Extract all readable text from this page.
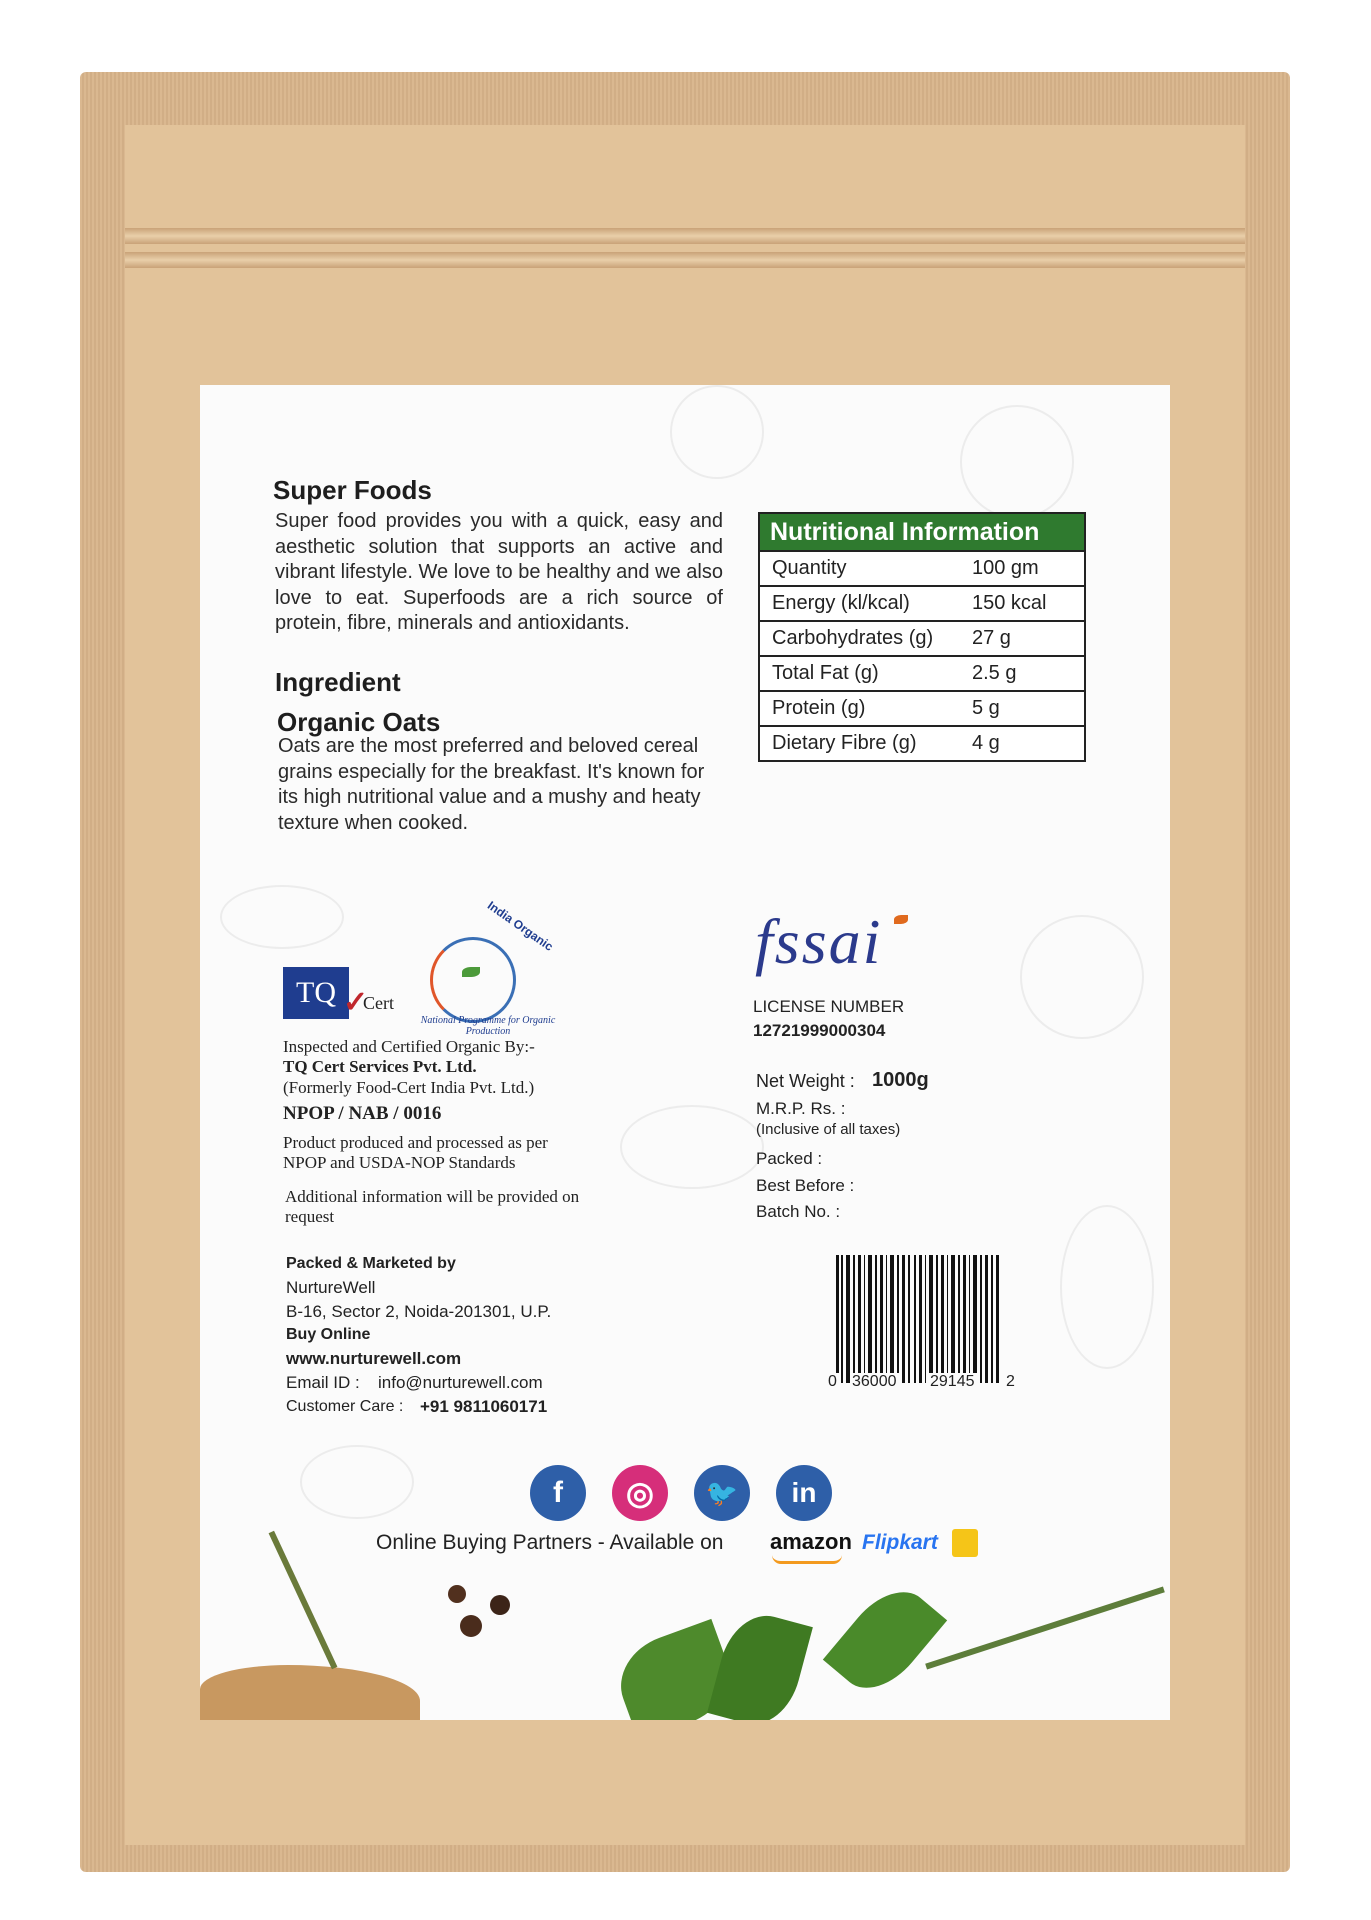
Super Foods
Super food provides you with a quick, easy and aesthetic solution that supports an active and vibrant lifestyle. We love to be healthy and we also love to eat. Superfoods are a rich source of protein, fibre, minerals and antioxidants.
Ingredient
Organic Oats
Oats are the most preferred and beloved cereal grains especially for the breakfast. It's known for its high nutritional value and a mushy and heaty texture when cooked.
Nutritional Information
Quantity	100 gm
Energy (kl/kcal)	150 kcal
Carbohydrates (g)	27 g
Total Fat (g)	2.5 g
Protein (g)	5 g
Dietary Fibre (g)	4 g
TQ ✓
Cert
India Organic
National Programme for Organic Production
Inspected and Certified Organic By:-
TQ Cert Services Pvt. Ltd.
(Formerly Food-Cert India Pvt. Ltd.)
NPOP / NAB / 0016
Product produced and processed as per NPOP and USDA-NOP Standards
Additional information will be provided on request
fssai
LICENSE NUMBER
12721999000304
Net Weight : 1000g
M.R.P. Rs. :
(Inclusive of all taxes)
Packed :
Best Before :
Batch No. :
0 36000 29145 2
Packed & Marketed by
NurtureWell
B-16, Sector 2, Noida-201301, U.P.
Buy Online
www.nurturewell.com
Email ID : info@nurturewell.com
Customer Care : +91 9811060171
f	◎	🐦	in
Online Buying Partners - Available on amazon Flipkart
